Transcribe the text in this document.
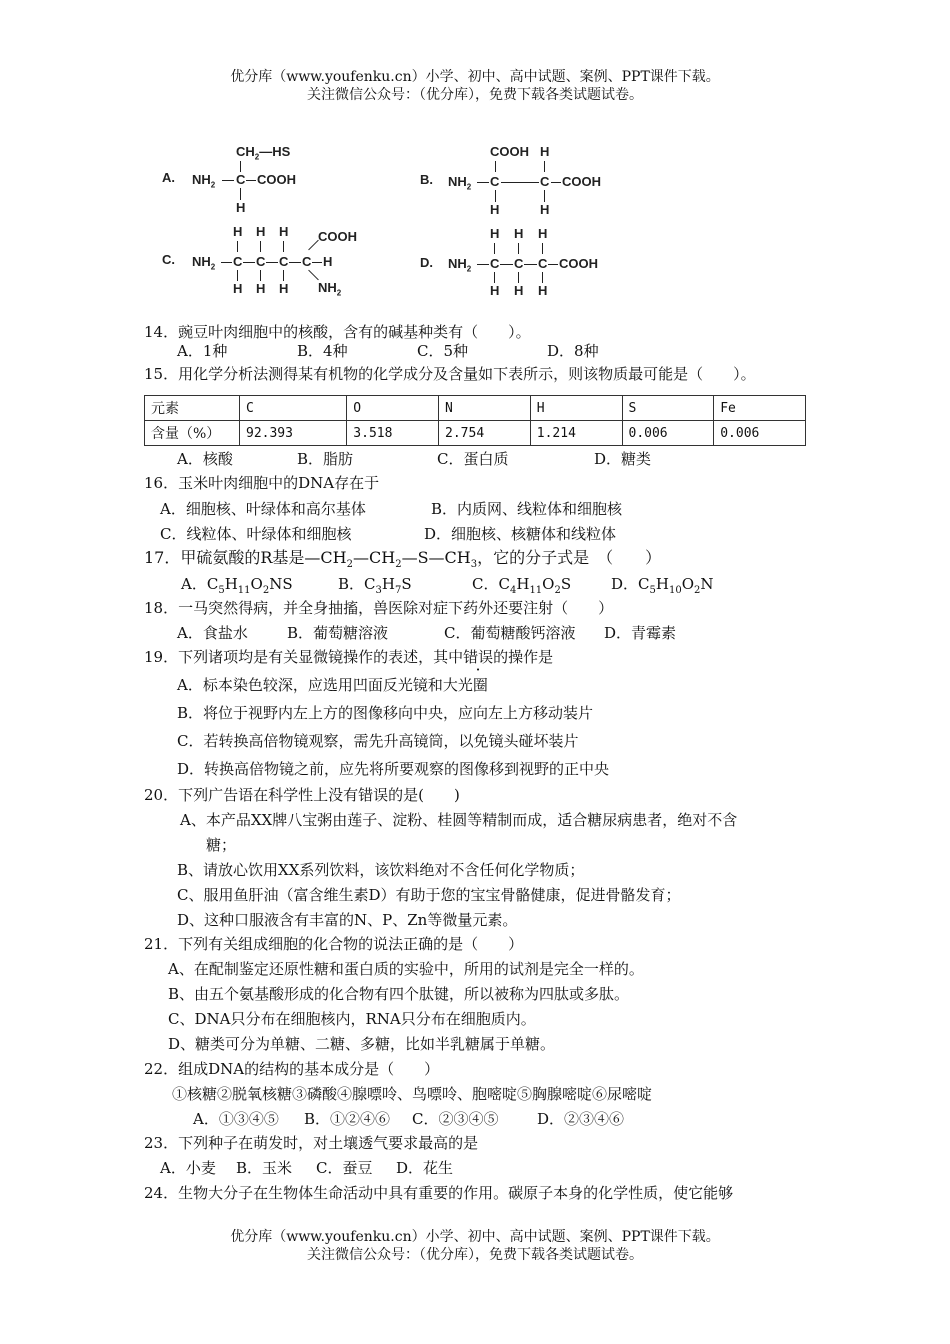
优分库（www.youfenku.cn）小学、初中、高中试题、案例、PPT课件下载。
关注微信公众号：（优分库），免费下载各类试题试卷。
A.
$CH_2—HS$
$NH_2$ C COOH
H
B.
COOH H
$NH_2$ C	C COOH
H	H
C.
H H H COOH
$NH_2$ C C C C H
H H H $NH_2$
D.
H H H
$NH_2$ C C C COOH
H H H
14．豌豆叶肉细胞中的核酸，含有的碱基种类有（　　）。
A．1种	B．4种	C．5种	D．8种
15．用化学分析法测得某有机物的化学成分及含量如下表所示，则该物质最可能是（　　）。
元素	C	O	N	H	S	Fe
含量（%）	92.393	3.518	2.754	1.214	0.006	0.006
A．核酸	B．脂肪	C．蛋白质	D．糖类
16．玉米叶肉细胞中的DNA存在于
A．细胞核、叶绿体和高尔基体	B．内质网、线粒体和细胞核
C．线粒体、叶绿体和细胞核	D．细胞核、核糖体和线粒体
17．甲硫氨酸的R基是$—CH_2—CH_2—S—CH_3$，它的分子式是　（　　）
A．$C_5H_{11}O_2NS$	B．$C_3H_7S$	C．$C_4H_{11}O_2S$	D．$C_5H_{10}O_2N$
18．一马突然得病，并全身抽搐，兽医除对症下药外还要注射（　　）
A．食盐水	B．葡萄糖溶液	C．葡萄糖酸钙溶液 D．青霉素
19．下列诸项均是有关显微镜操作的表述，其中错误的操作是
A．标本染色较深，应选用凹面反光镜和大光圈
B．将位于视野内左上方的图像移向中央，应向左上方移动装片
C．若转换高倍物镜观察，需先升高镜筒，以免镜头碰坏装片
D．转换高倍物镜之前，应先将所要观察的图像移到视野的正中央
20．下列广告语在科学性上没有错误的是(　　)
A、本产品XX牌八宝粥由莲子、淀粉、桂圆等精制而成，适合糖尿病患者，绝对不含
糖；
B、请放心饮用XX系列饮料，该饮料绝对不含任何化学物质；
C、服用鱼肝油（富含维生素D）有助于您的宝宝骨骼健康，促进骨骼发育；
D、这种口服液含有丰富的N、P、Zn等微量元素。
21．下列有关组成细胞的化合物的说法正确的是（　　）
A、在配制鉴定还原性糖和蛋白质的实验中，所用的试剂是完全一样的。
B、由五个氨基酸形成的化合物有四个肽键，所以被称为四肽或多肽。
C、DNA只分布在细胞核内，RNA只分布在细胞质内。
D、糖类可分为单糖、二糖、多糖，比如半乳糖属于单糖。
22．组成DNA的结构的基本成分是（　　）
①核糖②脱氧核糖③磷酸④腺嘌呤、鸟嘌呤、胞嘧啶⑤胸腺嘧啶⑥尿嘧啶
A．①③④⑤ B．①②④⑥ C．②③④⑤	D．②③④⑥
23．下列种子在萌发时，对土壤透气要求最高的是
A．小麦 B．玉米 C．蚕豆 D．花生
24．生物大分子在生物体生命活动中具有重要的作用。碳原子本身的化学性质，使它能够
优分库（www.youfenku.cn）小学、初中、高中试题、案例、PPT课件下载。
关注微信公众号：（优分库），免费下载各类试题试卷。
